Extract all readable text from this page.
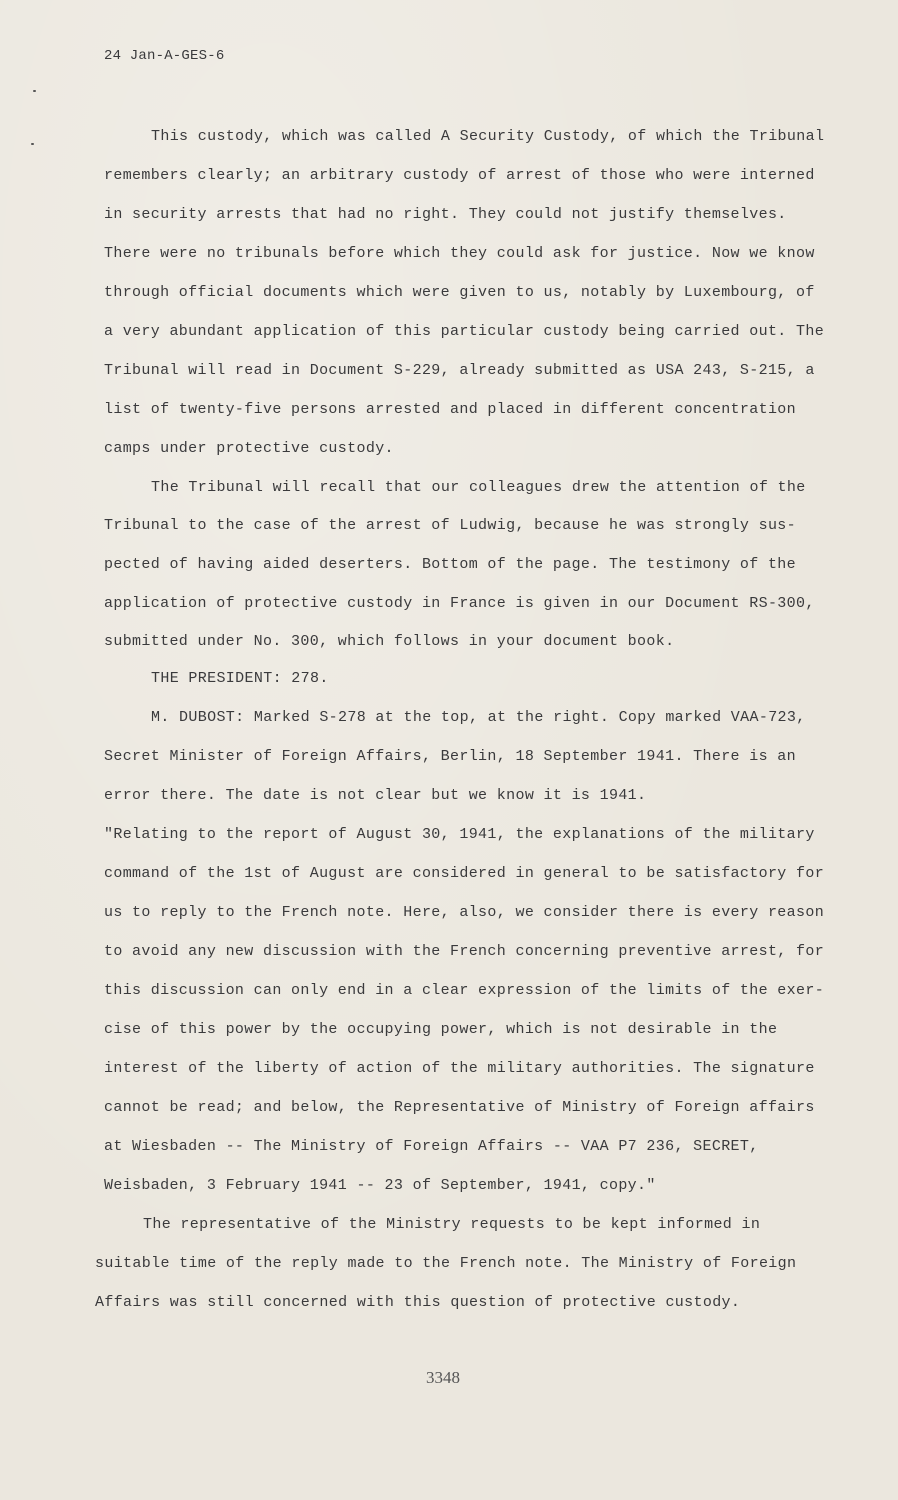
24 Jan-A-GES-6
This custody, which was called A Security Custody, of which the Tribunal
remembers clearly; an arbitrary custody of arrest of those who were interned
in security arrests that had no right. They could not justify themselves.
There were no tribunals before which they could ask for justice. Now we know
through official documents which were given to us, notably by Luxembourg, of
a very abundant application of this particular custody being carried out. The
Tribunal will read in Document S-229, already submitted as USA 243, S-215, a
list of twenty-five persons arrested and placed in different concentration
camps under protective custody.
The Tribunal will recall that our colleagues drew the attention of the
Tribunal to the case of the arrest of Ludwig, because he was strongly sus-
pected of having aided deserters. Bottom of the page. The testimony of the
application of protective custody in France is given in our Document RS-300,
submitted under No. 300, which follows in your document book.
THE PRESIDENT: 278.
M. DUBOST: Marked S-278 at the top, at the right. Copy marked VAA-723,
Secret Minister of Foreign Affairs, Berlin, 18 September 1941. There is an
error there. The date is not clear but we know it is 1941.
"Relating to the report of August 30, 1941, the explanations of the military
command of the 1st of August are considered in general to be satisfactory for
us to reply to the French note. Here, also, we consider there is every reason
to avoid any new discussion with the French concerning preventive arrest, for
this discussion can only end in a clear expression of the limits of the exer-
cise of this power by the occupying power, which is not desirable in the
interest of the liberty of action of the military authorities. The signature
cannot be read; and below, the Representative of Ministry of Foreign affairs
at Wiesbaden -- The Ministry of Foreign Affairs -- VAA P7 236, SECRET,
Weisbaden, 3 February 1941 -- 23 of September, 1941, copy."
The representative of the Ministry requests to be kept informed in
suitable time of the reply made to the French note. The Ministry of Foreign
Affairs was still concerned with this question of protective custody.
3348
